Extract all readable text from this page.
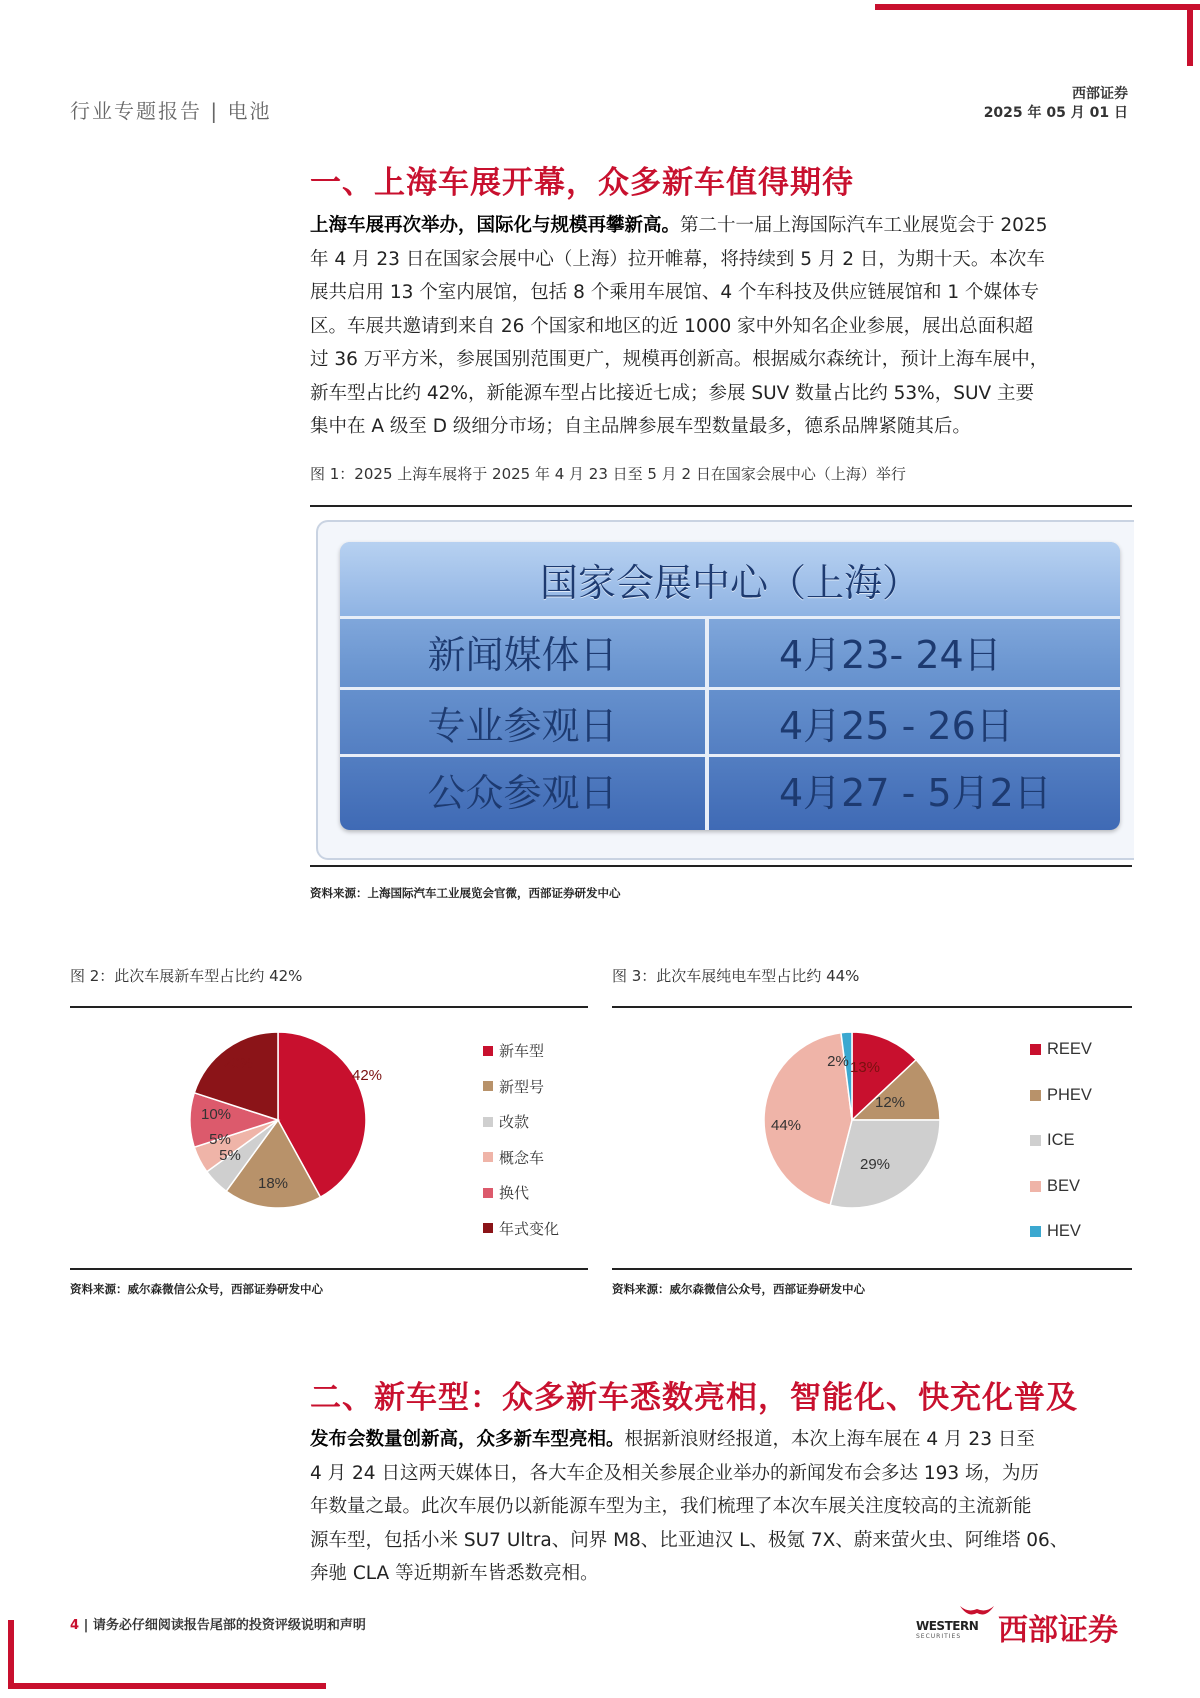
行业专题报告 | 电池
西部证券
2025 年 05 月 01 日
一、上海车展开幕，众多新车值得期待
上海车展再次举办，国际化与规模再攀新高。第二十一届上海国际汽车工业展览会于 2025
年 4 月 23 日在国家会展中心（上海）拉开帷幕，将持续到 5 月 2 日，为期十天。本次车
展共启用 13 个室内展馆，包括 8 个乘用车展馆、4 个车科技及供应链展馆和 1 个媒体专
区。车展共邀请到来自 26 个国家和地区的近 1000 家中外知名企业参展，展出总面积超
过 36 万平方米，参展国别范围更广，规模再创新高。根据威尔森统计，预计上海车展中，
新车型占比约 42%，新能源车型占比接近七成；参展 SUV 数量占比约 53%，SUV 主要
集中在 A 级至 D 级细分市场；自主品牌参展车型数量最多，德系品牌紧随其后。
图 1：2025 上海车展将于 2025 年 4 月 23 日至 5 月 2 日在国家会展中心（上海）举行
国家会展中心（上海）
新闻媒体日	4月23- 24日
专业参观日	4月25 - 26日
公众参观日	4月27 - 5月2日
资料来源：上海国际汽车工业展览会官微，西部证券研发中心
图 2：此次车展新车型占比约 42%
42%
18%
5%
5%
10%
20%
新车型
新型号
改款
概念车
换代
年式变化
资料来源：威尔森微信公众号，西部证券研发中心
图 3：此次车展纯电车型占比约 44%
13%
12%
29%
44%
2%
REEV
PHEV
ICE
BEV
HEV
资料来源：威尔森微信公众号，西部证券研发中心
二、新车型：众多新车悉数亮相，智能化、快充化普及
发布会数量创新高，众多新车型亮相。根据新浪财经报道，本次上海车展在 4 月 23 日至
4 月 24 日这两天媒体日，各大车企及相关参展企业举办的新闻发布会多达 193 场，为历
年数量之最。此次车展仍以新能源车型为主，我们梳理了本次车展关注度较高的主流新能
源车型，包括小米 SU7 Ultra、问界 M8、比亚迪汉 L、极氪 7X、蔚来萤火虫、阿维塔 06、
奔驰 CLA 等近期新车皆悉数亮相。
4 | 请务必仔细阅读报告尾部的投资评级说明和声明	WESTERN
SECURITIES 西部证券
